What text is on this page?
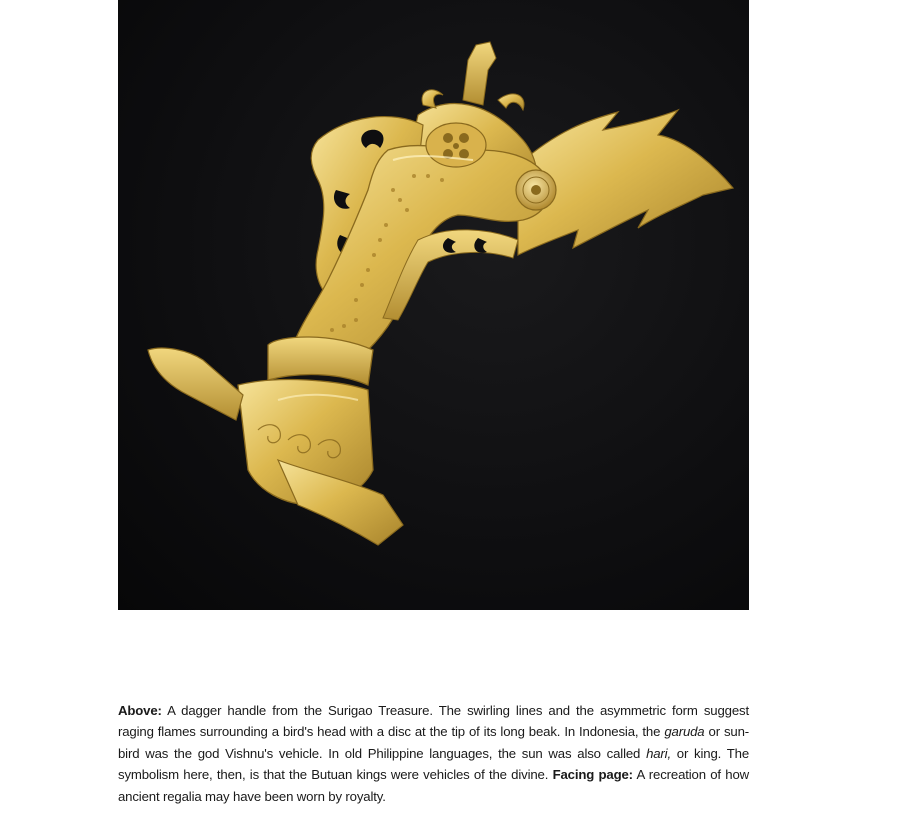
Above: A dagger handle from the Surigao Treasure. The swirling lines and the asymmetric form suggest raging flames surrounding a bird's head with a disc at the tip of its long beak. In Indonesia, the garuda or sun-bird was the god Vishnu's vehicle. In old Philippine languages, the sun was also called hari, or king. The symbolism here, then, is that the Butuan kings were vehicles of the divine. Facing page: A recreation of how ancient regalia may have been worn by royalty.
